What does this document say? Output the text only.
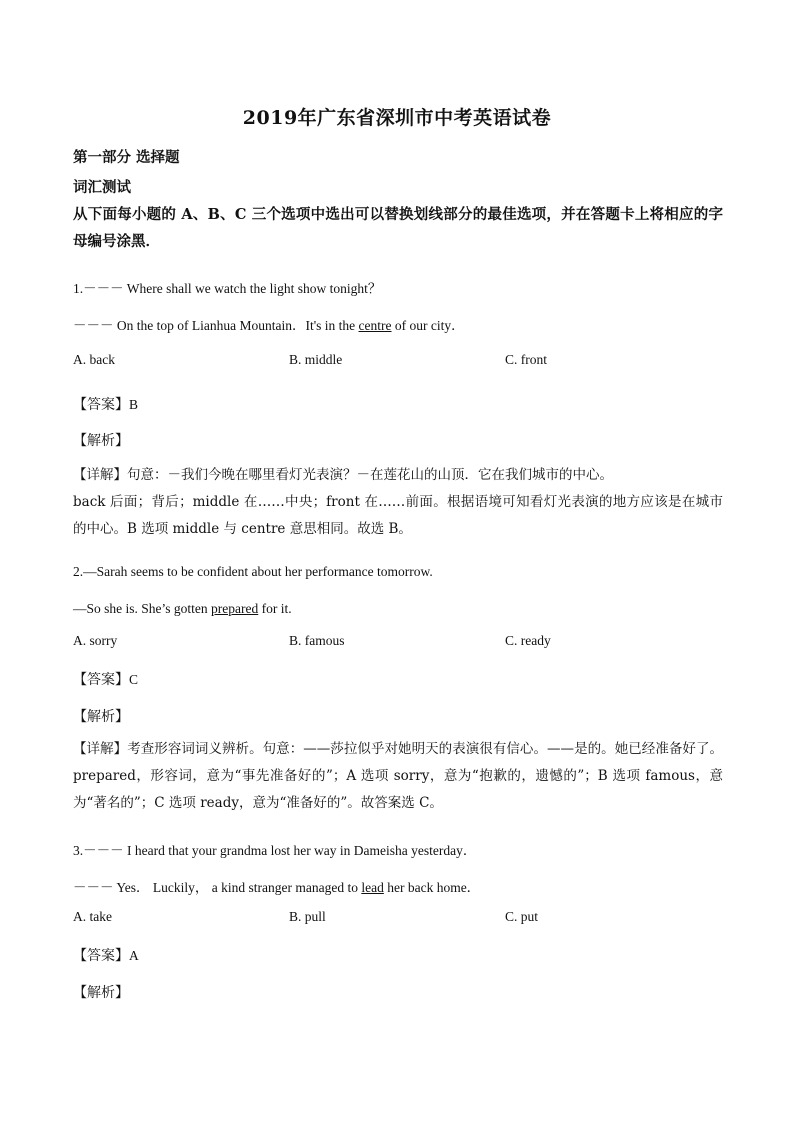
2019年广东省深圳市中考英语试卷
第一部分 选择题
词汇测试
从下面每小题的 A、B、C 三个选项中选出可以替换划线部分的最佳选项，并在答题卡上将相应的字母编号涂黑．
1.－－－ Where shall we watch the light show tonight？
－－－ On the top of Lianhua Mountain．It's in the centre of our city．
A. back	B. middle	C. front
【答案】B
【解析】
【详解】句意：－我们今晚在哪里看灯光表演？－在莲花山的山顶．它在我们城市的中心。
back 后面；背后；middle 在……中央；front 在……前面。根据语境可知看灯光表演的地方应该是在城市的中心。B 选项 middle 与 centre 意思相同。故选 B。
2.—Sarah seems to be confident about her performance tomorrow.
—So she is. She’s gotten prepared for it.
A. sorry	B. famous	C. ready
【答案】C
【解析】
【详解】考查形容词词义辨析。句意：——莎拉似乎对她明天的表演很有信心。——是的。她已经准备好了。prepared，形容词，意为“事先准备好的”；A 选项 sorry，意为“抱歉的，遗憾的”；B 选项 famous，意为“著名的”；C 选项 ready，意为“准备好的”。故答案选 C。
3.－－－ I heard that your grandma lost her way in Dameisha yesterday．
－－－ Yes． Luckily， a kind stranger managed to lead her back home．
A. take	B. pull	C. put
【答案】A
【解析】
